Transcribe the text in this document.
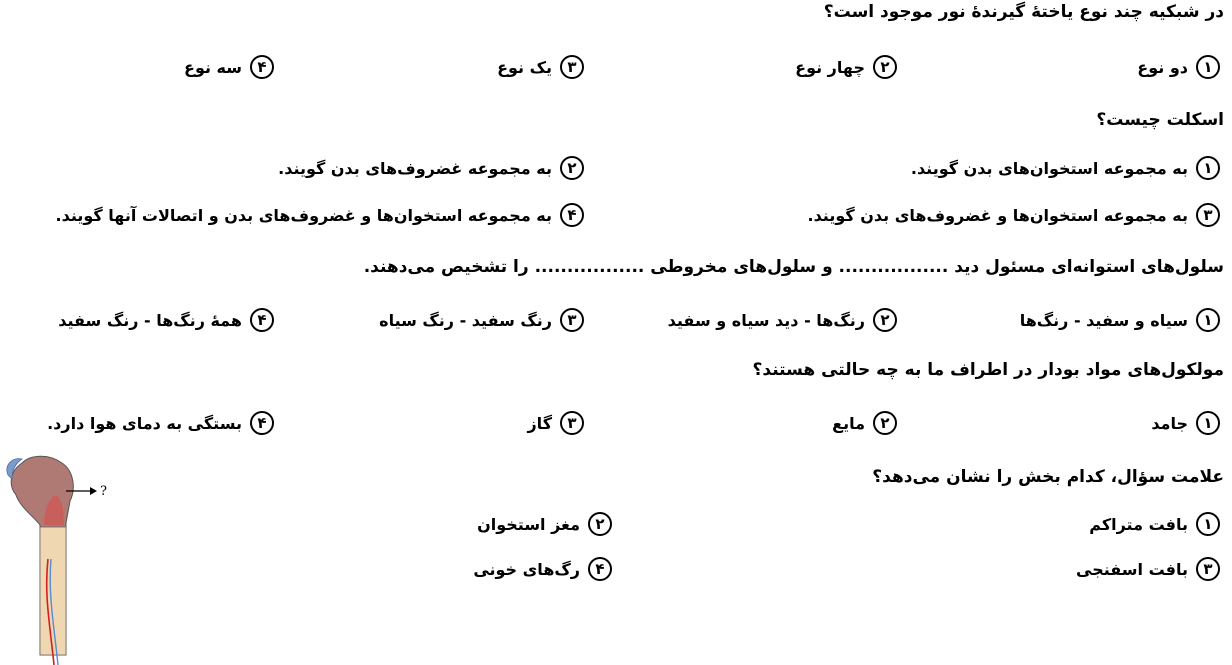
در شبکیه چند نوع یاختهٔ گیرندهٔ نور موجود است؟
۱
دو نوع
۲
چهار نوع
۳
یک نوع
۴
سه نوع
اسکلت چیست؟
۱
به مجموعه استخوان‌های بدن گویند.
۲
به مجموعه غضروف‌های بدن گویند.
۳
به مجموعه استخوان‌ها و غضروف‌های بدن گویند.
۴
به مجموعه استخوان‌ها و غضروف‌های بدن و اتصالات آنها گویند.
سلول‌های استوانه‌ای مسئول دید ................. و سلول‌های مخروطی ................. را تشخیص می‌دهند.
۱
سیاه و سفید - رنگ‌ها
۲
رنگ‌ها - دید سیاه و سفید
۳
رنگ سفید - رنگ سیاه
۴
همهٔ رنگ‌ها - رنگ سفید
مولکول‌های مواد بودار در اطراف ما به چه حالتی هستند؟
۱
جامد
۲
مایع
۳
گاز
۴
بستگی به دمای هوا دارد.
علامت سؤال، کدام بخش را نشان می‌دهد؟
۱
بافت متراکم
۲
مغز استخوان
۳
بافت اسفنجی
۴
رگ‌های خونی
?
